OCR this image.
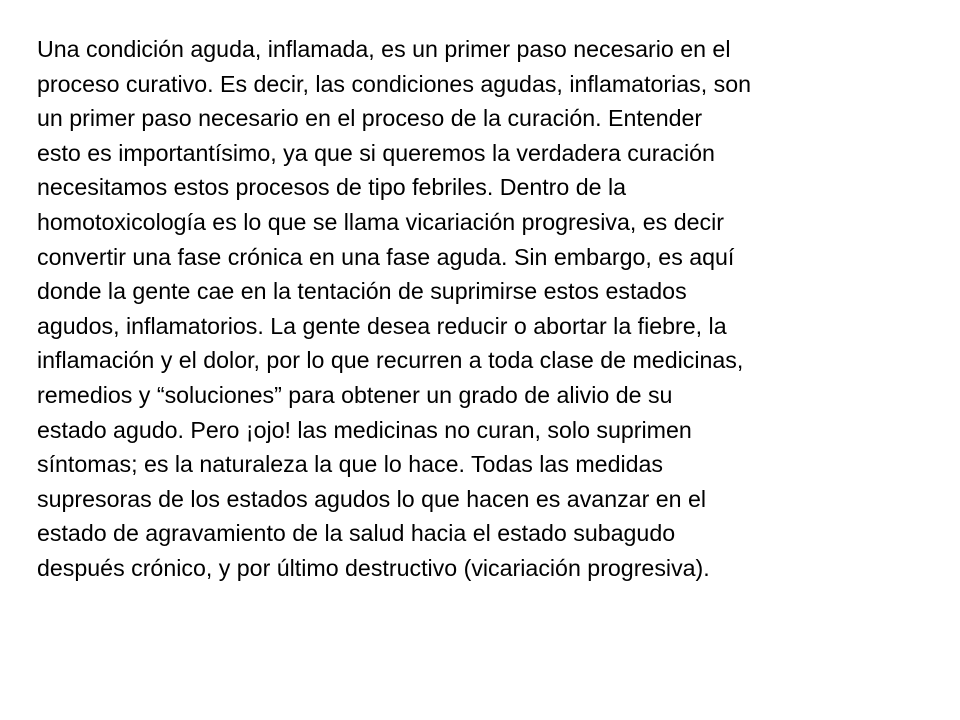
Una condición aguda, inflamada, es un primer paso necesario en el
proceso curativo. Es decir, las condiciones agudas, inflamatorias, son
un primer paso necesario en el proceso de la curación. Entender
esto es importantísimo, ya que si queremos la verdadera curación
necesitamos estos procesos de tipo febriles. Dentro de la
homotoxicología es lo que se llama vicariación progresiva, es decir
convertir una fase crónica en una fase aguda. Sin embargo, es aquí
donde la gente cae en la tentación de suprimirse estos estados
agudos, inflamatorios. La gente desea reducir o abortar la fiebre, la
inflamación y el dolor, por lo que recurren a toda clase de medicinas,
remedios y “soluciones” para obtener un grado de alivio de su
estado agudo. Pero ¡ojo! las medicinas no curan, solo suprimen
síntomas; es la naturaleza la que lo hace. Todas las medidas
supresoras de los estados agudos lo que hacen es avanzar en el
estado de agravamiento de la salud hacia el estado subagudo
después crónico, y por último destructivo (vicariación progresiva).
